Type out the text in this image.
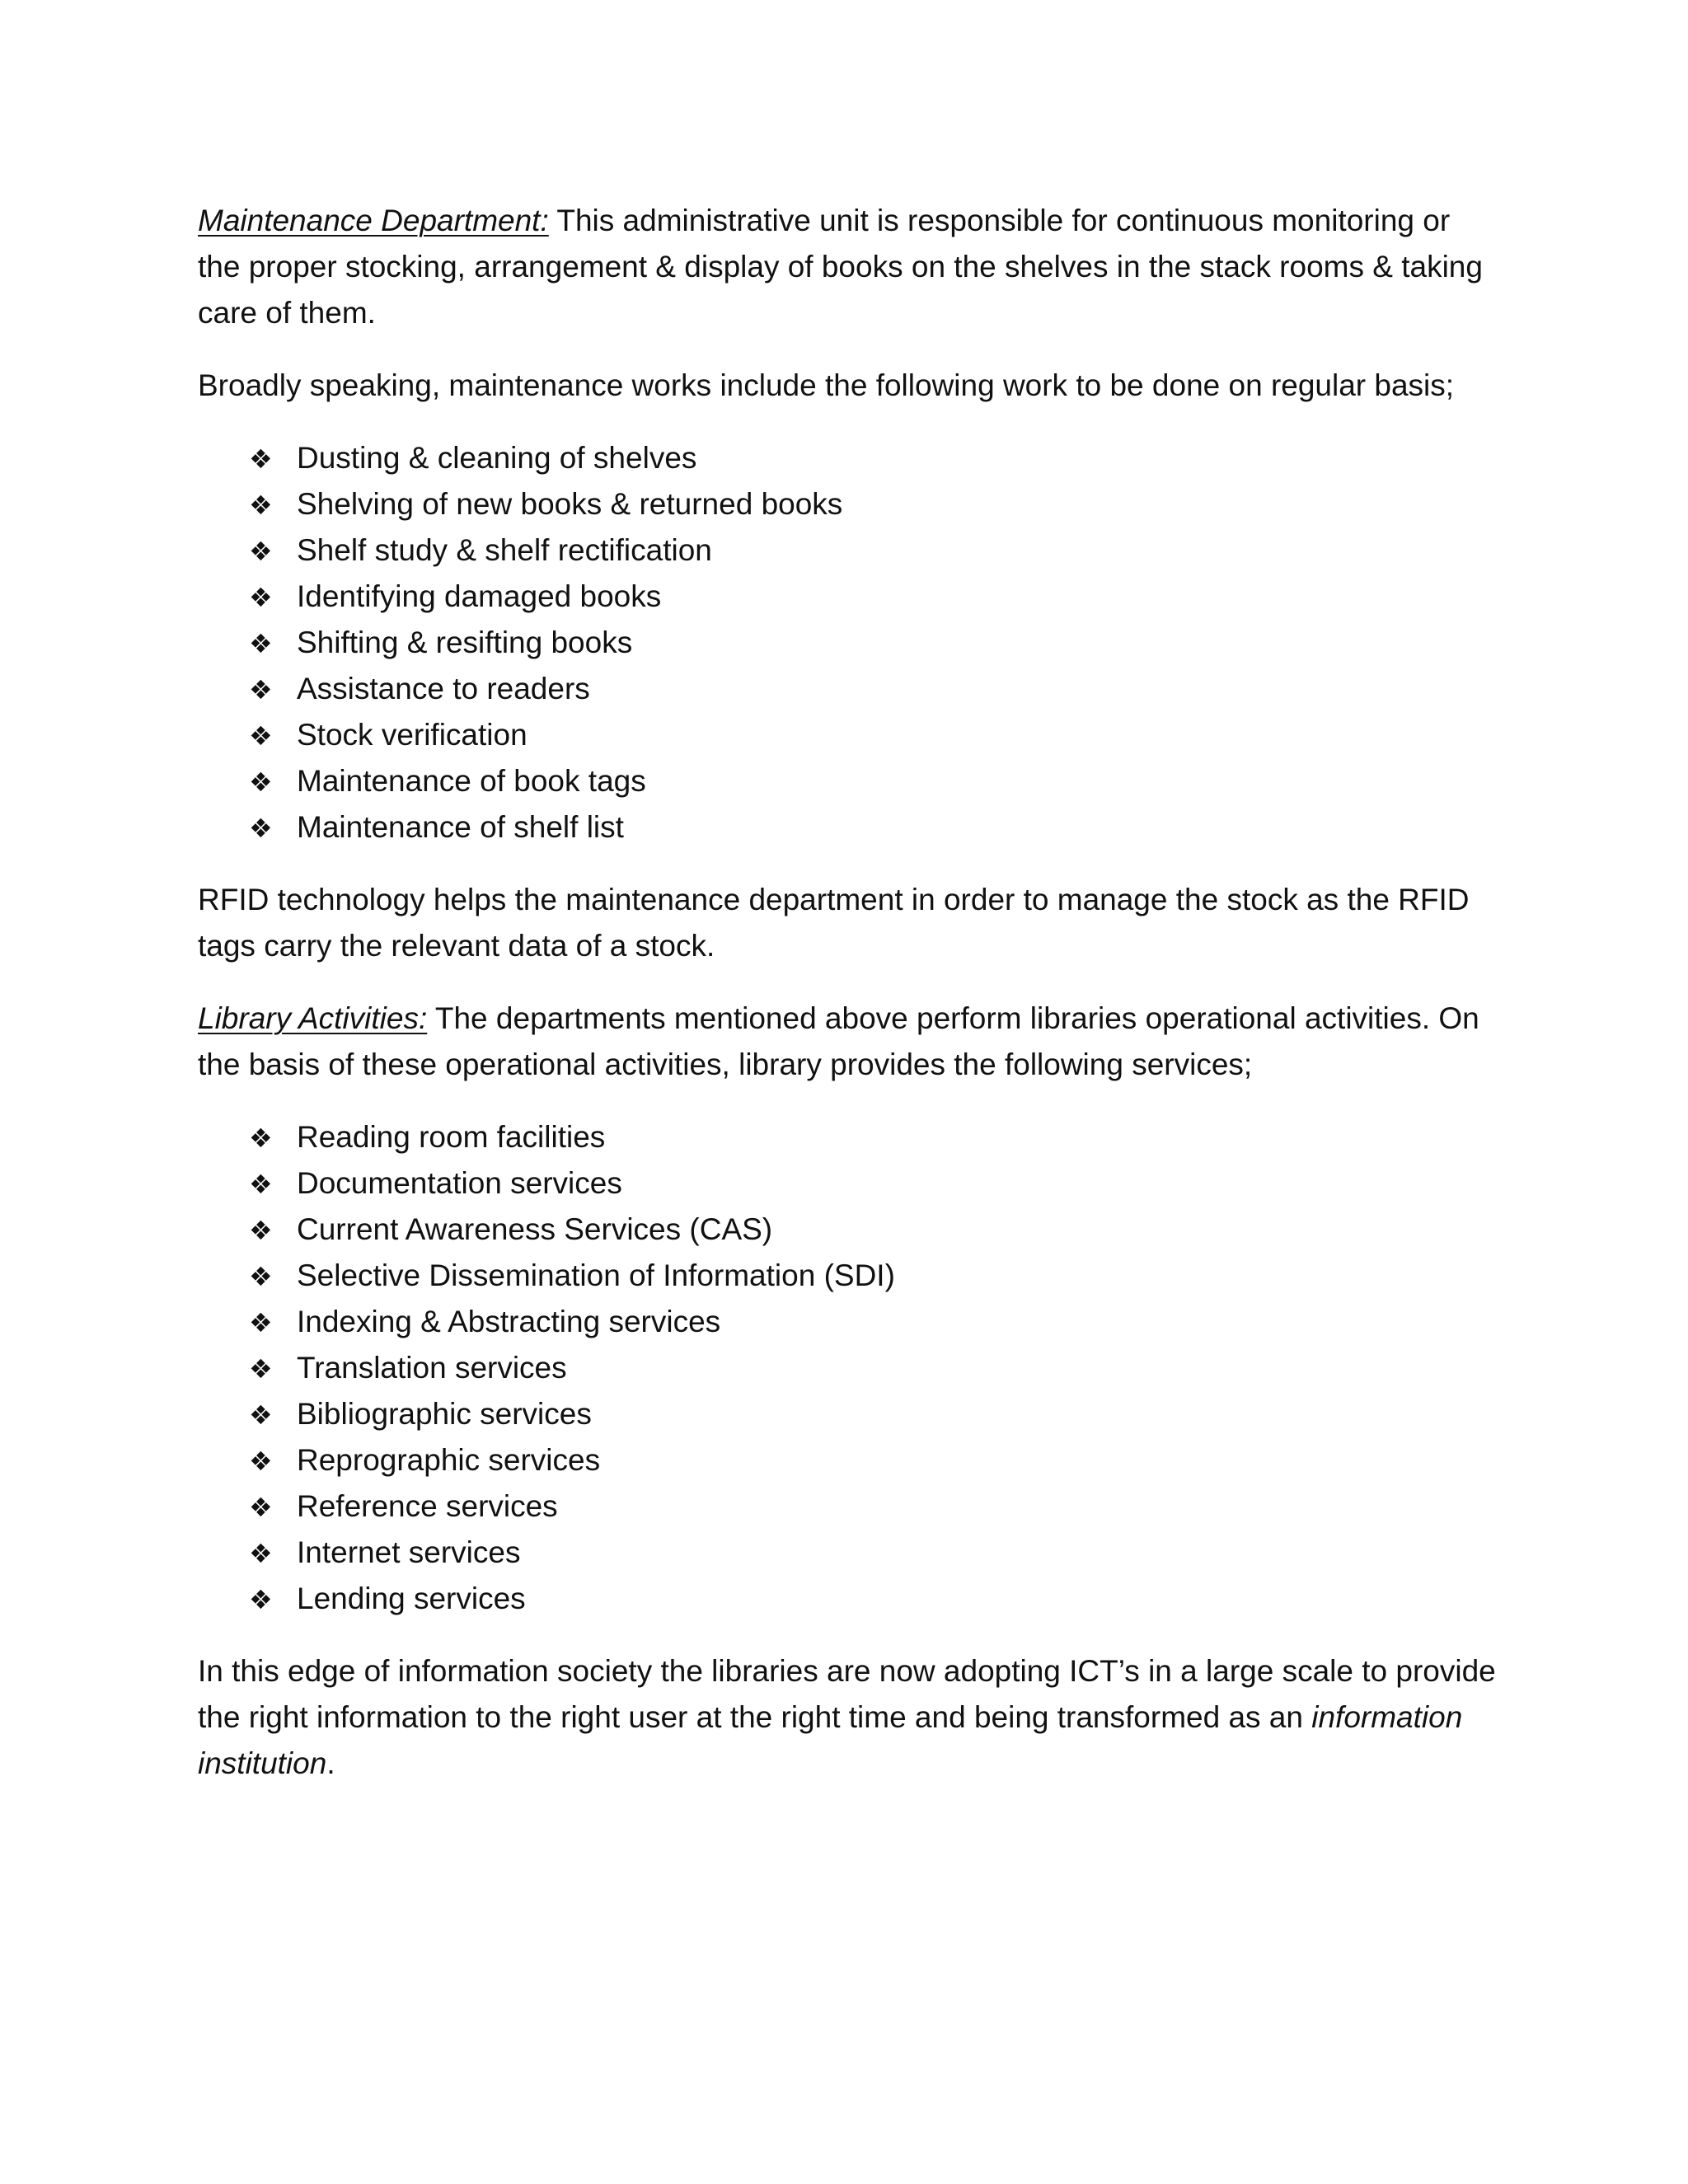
Maintenance Department: This administrative unit is responsible for continuous monitoring or the proper stocking, arrangement & display of books on the shelves in the stack rooms & taking care of them.

Broadly speaking, maintenance works include the following work to be done on regular basis;

❖ Dusting & cleaning of shelves
❖ Shelving of new books & returned books
❖ Shelf study & shelf rectification
❖ Identifying damaged books
❖ Shifting & resifting books
❖ Assistance to readers
❖ Stock verification
❖ Maintenance of book tags
❖ Maintenance of shelf list

RFID technology helps the maintenance department in order to manage the stock as the RFID tags carry the relevant data of a stock.

Library Activities: The departments mentioned above perform libraries operational activities. On the basis of these operational activities, library provides the following services;

❖ Reading room facilities
❖ Documentation services
❖ Current Awareness Services (CAS)
❖ Selective Dissemination of Information (SDI)
❖ Indexing & Abstracting services
❖ Translation services
❖ Bibliographic services
❖ Reprographic services
❖ Reference services
❖ Internet services
❖ Lending services

In this edge of information society the libraries are now adopting ICT’s in a large scale to provide the right information to the right user at the right time and being transformed as an information institution.
